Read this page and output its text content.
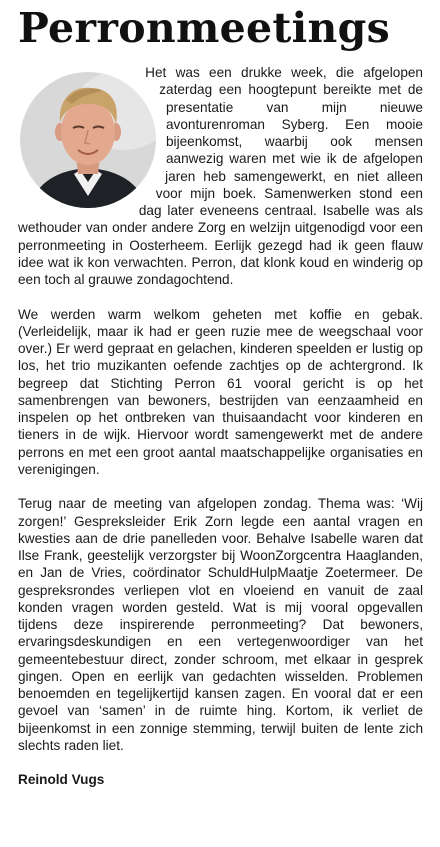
Perronmeetings

Het was een drukke week, die afgelopen zaterdag een hoogtepunt bereikte met de presentatie van mijn nieuwe avonturenroman Syberg. Een mooie bijeenkomst, waarbij ook mensen aanwezig waren met wie ik de afgelopen jaren heb samengewerkt, en niet alleen voor mijn boek. Samenwerken stond een dag later eveneens centraal. Isabelle was als wethouder van onder andere Zorg en welzijn uitgenodigd voor een perronmeeting in Oosterheem. Eerlijk gezegd had ik geen flauw idee wat ik kon verwachten. Perron, dat klonk koud en winderig op een toch al grauwe zondagochtend.

We werden warm welkom geheten met koffie en gebak. (Verleidelijk, maar ik had er geen ruzie mee de weegschaal voor over.) Er werd gepraat en gelachen, kinderen speelden er lustig op los, het trio muzikanten oefende zachtjes op de achtergrond. Ik begreep dat Stichting Perron 61 vooral gericht is op het samenbrengen van bewoners, bestrijden van eenzaamheid en inspelen op het ontbreken van thuisaandacht voor kinderen en tieners in de wijk. Hiervoor wordt samengewerkt met de andere perrons en met een groot aantal maatschappelijke organisaties en verenigingen.

Terug naar de meeting van afgelopen zondag. Thema was: ‘Wij zorgen!’ Gespreksleider Erik Zorn legde een aantal vragen en kwesties aan de drie panelleden voor. Behalve Isabelle waren dat Ilse Frank, geestelijk verzorgster bij WoonZorgcentra Haaglanden, en Jan de Vries, coördinator SchuldHulpMaatje Zoetermeer. De gespreksrondes verliepen vlot en vloeiend en vanuit de zaal konden vragen worden gesteld. Wat is mij vooral opgevallen tijdens deze inspirerende perronmeeting? Dat bewoners, ervaringsdeskundigen en een vertegenwoordiger van het gemeentebestuur direct, zonder schroom, met elkaar in gesprek gingen. Open en eerlijk van gedachten wisselden. Problemen benoemden en tegelijkertijd kansen zagen. En vooral dat er een gevoel van ‘samen’ in de ruimte hing. Kortom, ik verliet de bijeenkomst in een zonnige stemming, terwijl buiten de lente zich slechts raden liet.

Reinold Vugs
